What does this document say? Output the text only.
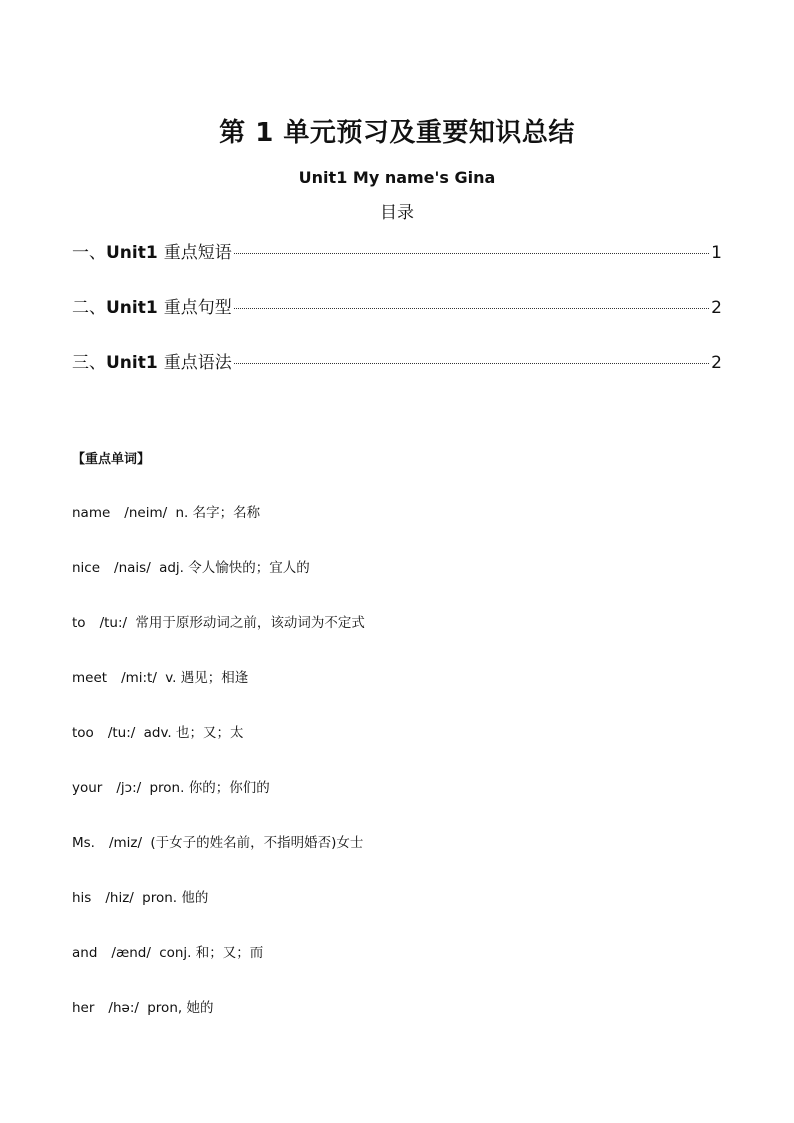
第 1 单元预习及重要知识总结
Unit1 My name's Gina
目录
一、 Unit1 重点短语	1
二、 Unit1 重点句型	2
三、 Unit1 重点语法	2
【重点单词】
name /neim/ n. 名字；名称
nice /nais/ adj. 令人愉快的；宜人的
to /tu:/ 常用于原形动词之前，该动词为不定式
meet /mi:t/ v. 遇见；相逢
too /tu:/ adv. 也；又；太
your /jɔ:/ pron. 你的；你们的
Ms. /miz/ (于女子的姓名前，不指明婚否)女士
his /hiz/ pron. 他的
and /ænd/ conj. 和；又；而
her /hə:/ pron, 她的
